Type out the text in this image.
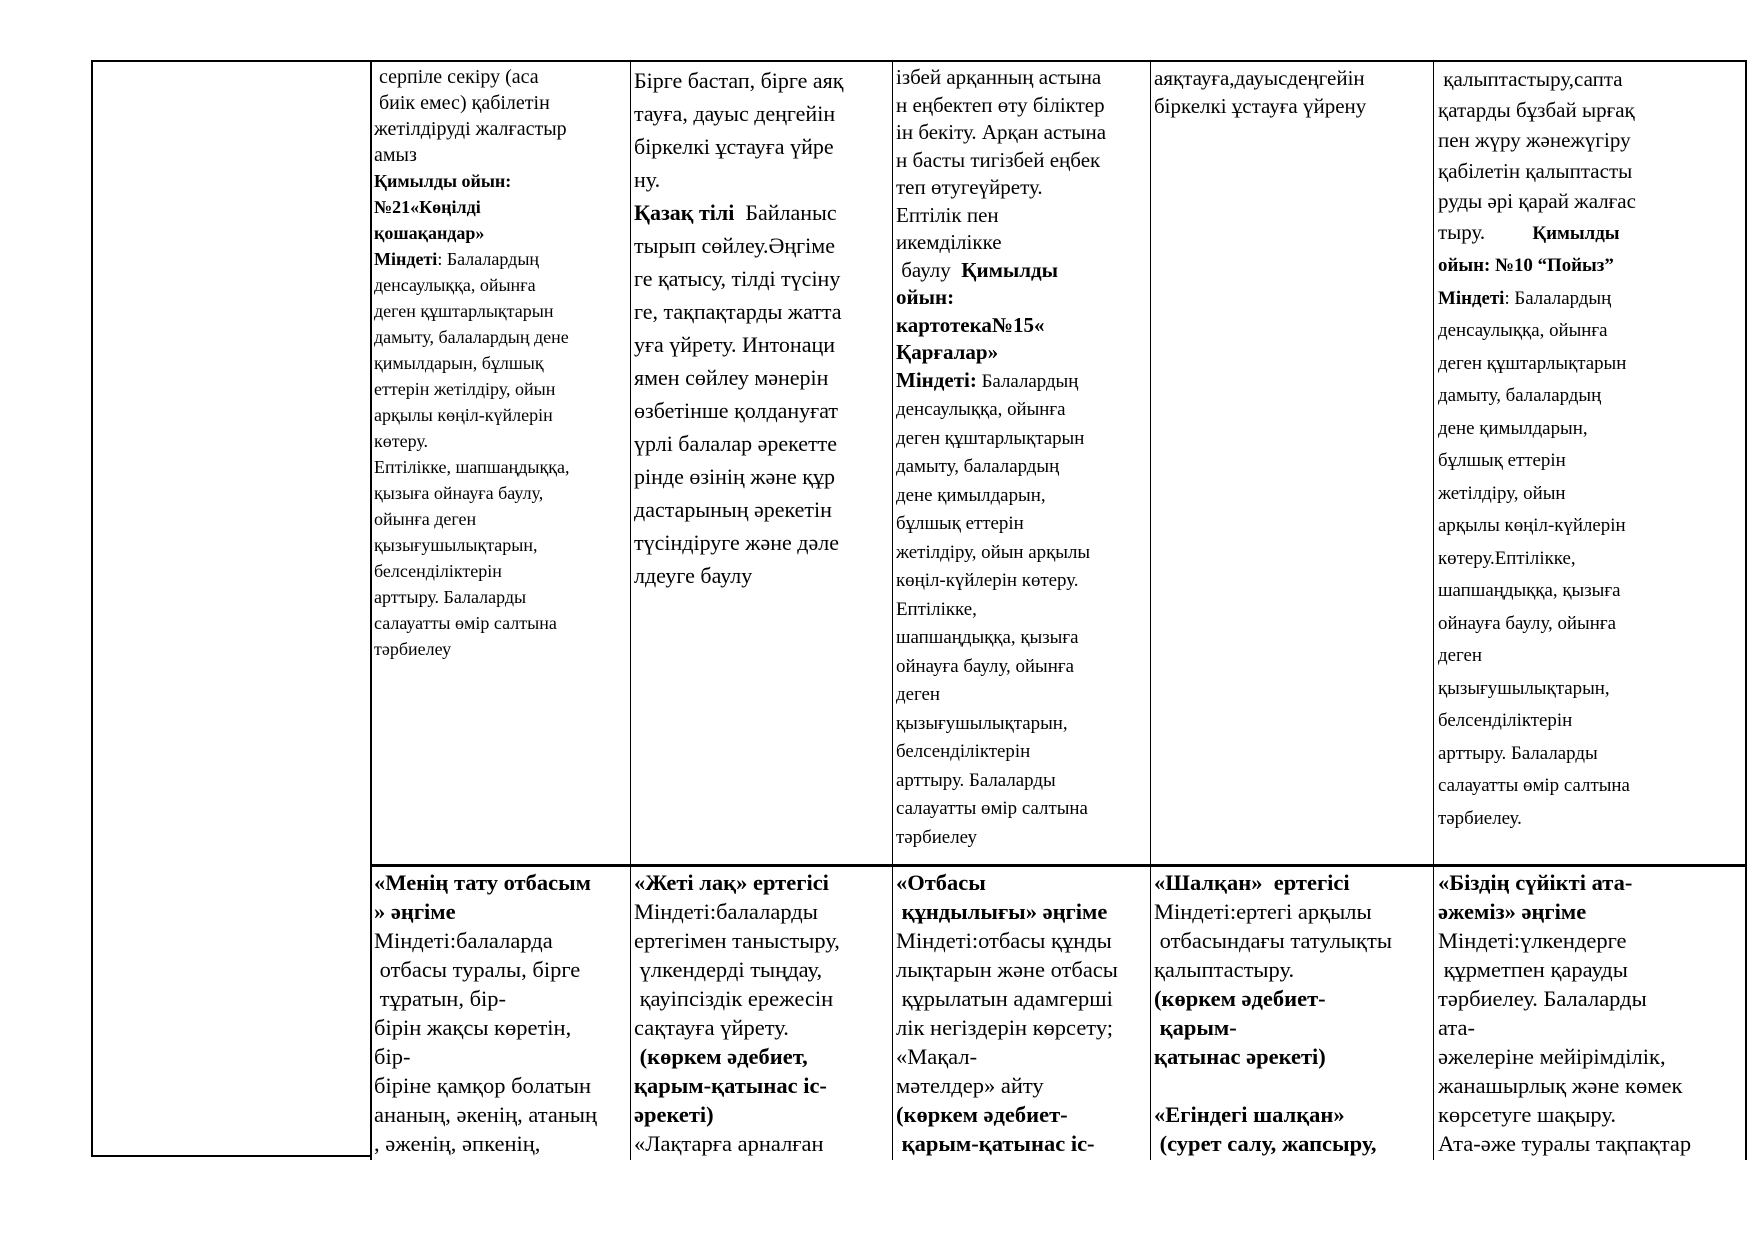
серпіле секіру (аса
биік емес) қабілетін
жетілдіруді жалғастыр
амыз
Қимылды ойын:
№21«Көңілді
қошақандар»
Міндеті: Балалардың
денсаулыққа, ойынға
деген құштарлықтарын
дамыту, балалардың дене
қимылдарын, бұлшық
еттерін жетілдіру, ойын
арқылы көңіл-күйлерін
көтеру.
Ептілікке, шапшаңдыққа,
қызыға ойнауға баулу,
ойынға деген
қызығушылықтарын,
белсенділіктерін
арттыру. Балаларды
салауатты өмір салтына
тәрбиелеу
Бірге бастап, бірге аяқ
тауға, дауыс деңгейін
біркелкі ұстауға үйре
ну.
Қазақ тілі  Байланыс
тырып сөйлеу.Әңгіме
ге қатысу, тілді түсіну
ге, тақпақтарды жатта
уға үйрету. Интонаци
ямен сөйлеу мәнерін
өзбетінше қолдануғат
үрлі балалар әрекетте
рінде өзінің және құр
дастарының әрекетін
түсіндіруге және дәле
лдеуге баулу
ізбей арқанның астына
н еңбектеп өту біліктер
ін бекіту. Арқан астына
н басты тигізбей еңбек
теп өтугеүйрету.
Ептілік пен
икемділікке
баулу  Қимылды
ойын:
картотека№15«
Қарғалар»
Міндеті: Балалардың
денсаулыққа, ойынға
деген құштарлықтарын
дамыту, балалардың
дене қимылдарын,
бұлшық еттерін
жетілдіру, ойын арқылы
көңіл-күйлерін көтеру.
Ептілікке,
шапшаңдыққа, қызыға
ойнауға баулу, ойынға
деген
қызығушылықтарын,
белсенділіктерін
арттыру. Балаларды
салауатты өмір салтына
тәрбиелеу
аяқтауға,дауысдеңгейін
біркелкі ұстауға үйрену
қалыптастыру,сапта
қатарды бұзбай ырғақ
пен жүру жәнежүгіру
қабілетін қалыптасты
руды әрі қарай жалғас
тыру.	Қимылды
ойын: №10 “Пойыз”
Міндеті: Балалардың
денсаулыққа, ойынға
деген құштарлықтарын
дамыту, балалардың
дене қимылдарын,
бұлшық еттерін
жетілдіру, ойын
арқылы көңіл-күйлерін
көтеру.Ептілікке,
шапшаңдыққа, қызыға
ойнауға баулу, ойынға
деген
қызығушылықтарын,
белсенділіктерін
арттыру. Балаларды
салауатты өмір салтына
тәрбиелеу.
«Менің тату отбасым
» әңгіме
Міндеті:балаларда
отбасы туралы, бірге
тұратын, бір-
бірін жақсы көретін,
бір-
біріне қамқор болатын
ананың, әкенің, атаның
, әженің, әпкенің,
«Жеті лақ» ертегісі
Міндеті:балаларды
ертегімен таныстыру,
үлкендерді тыңдау,
қауіпсіздік ережесін
сақтауға үйрету.
(көркем әдебиет,
қарым-қатынас іс-
әрекеті)
«Лақтарға арналған
«Отбасы
құндылығы» әңгіме
Міндеті:отбасы құнды
лықтарын және отбасы
құрылатын адамгерші
лік негіздерін көрсету;
«Мақал-
мәтелдер» айту
(көркем әдебиет-
қарым-қатынас іс-
«Шалқан»  ертегісі
Міндеті:ертегі арқылы
отбасындағы татулықты
қалыптастыру.
(көркем әдебиет-
қарым-
қатынас әрекеті)

«Егіндегі шалқан»
(сурет салу, жапсыру,
«Біздің сүйікті ата-
әжеміз» әңгіме
Міндеті:үлкендерге
құрметпен қарауды
тәрбиелеу. Балаларды
ата-
әжелеріне мейірімділік,
жанашырлық және көмек
көрсетуге шақыру.
Ата-әже туралы тақпақтар
